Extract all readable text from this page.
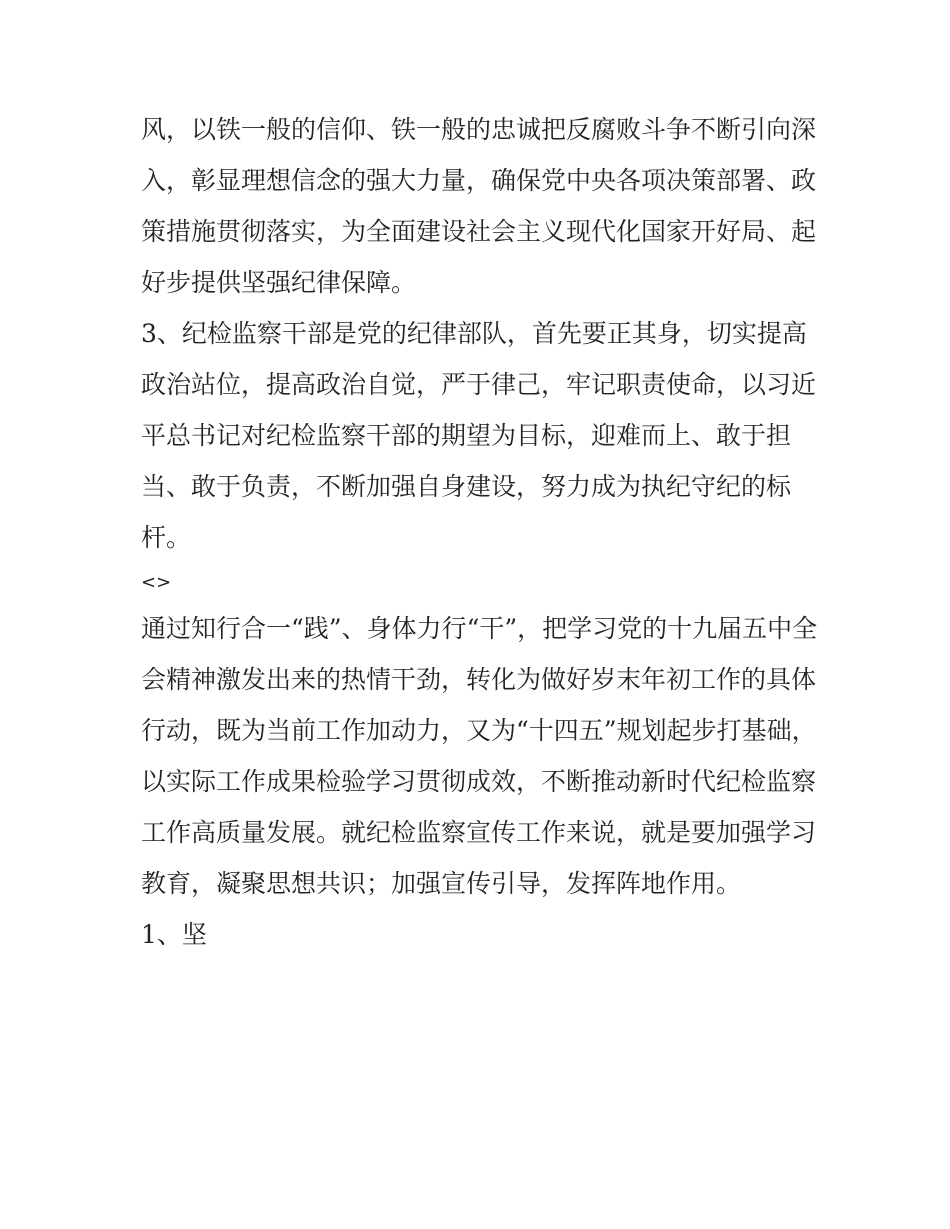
风，以铁一般的信仰、铁一般的忠诚把反腐败斗争不断引向深
入，彰显理想信念的强大力量，确保党中央各项决策部署、政
策措施贯彻落实，为全面建设社会主义现代化国家开好局、起
好步提供坚强纪律保障。
3、纪检监察干部是党的纪律部队，首先要正其身，切实提高
政治站位，提高政治自觉，严于律己，牢记职责使命，以习近
平总书记对纪检监察干部的期望为目标，迎难而上、敢于担
当、敢于负责，不断加强自身建设，努力成为执纪守纪的标
杆。
<>
通过知行合一“践”、身体力行“干”，把学习党的十九届五中全
会精神激发出来的热情干劲，转化为做好岁末年初工作的具体
行动，既为当前工作加动力，又为“十四五”规划起步打基础，
以实际工作成果检验学习贯彻成效，不断推动新时代纪检监察
工作高质量发展。就纪检监察宣传工作来说，就是要加强学习
教育，凝聚思想共识；加强宣传引导，发挥阵地作用。
1、坚
